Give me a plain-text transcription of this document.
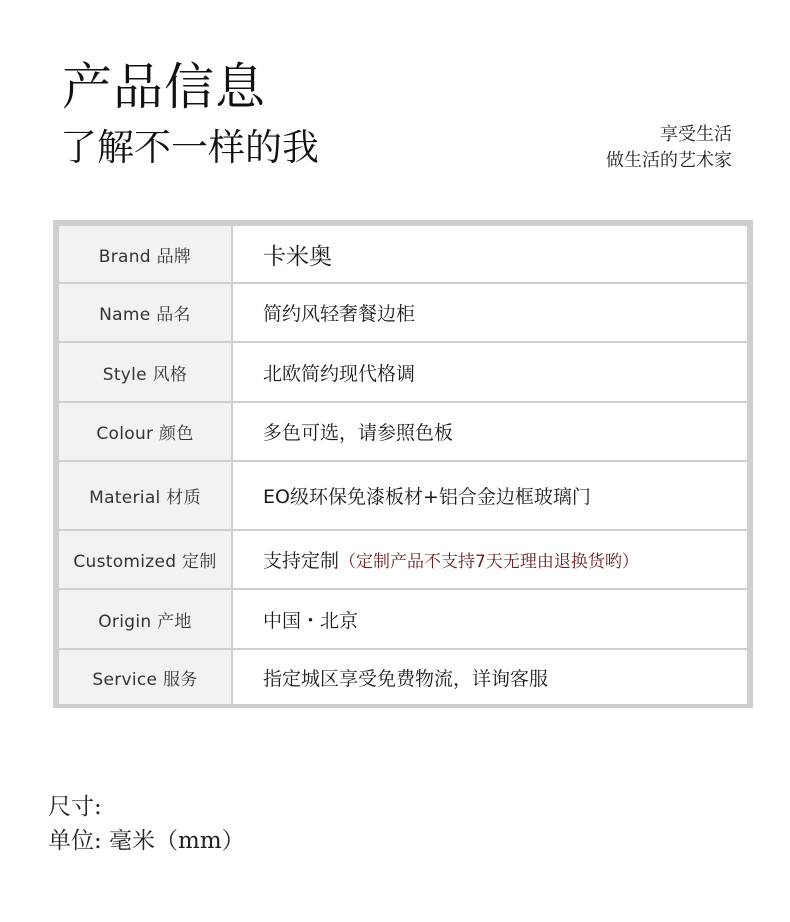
产品信息
了解不一样的我	享受生活
做生活的艺术家
Brand 品牌	卡米奥
Name 品名	简约风轻奢餐边柜
Style 风格	北欧简约现代格调
Colour 颜色	多色可选，请参照色板
Material 材质	EO级环保免漆板材+铝合金边框玻璃门
Customized 定制	支持定制（定制产品不支持7天无理由退换货哟）
Origin 产地	中国・北京
Service 服务	指定城区享受免费物流，详询客服
尺寸:
单位: 毫米（mm）
